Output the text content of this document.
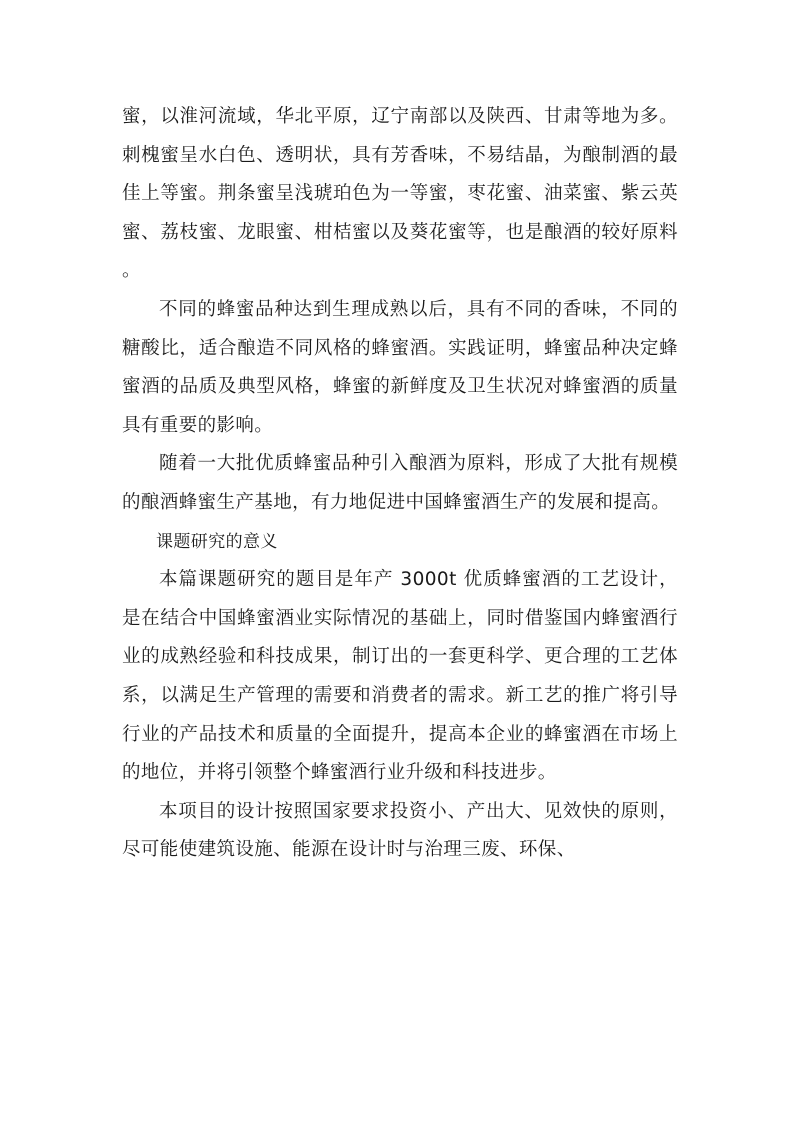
蜜，以淮河流域，华北平原，辽宁南部以及陕西、甘肃等地为多。 刺槐蜜呈水白色、透明状，具有芳香味，不易结晶，为酿制酒的最佳上等蜜。荆条蜜呈浅琥珀色为一等蜜，枣花蜜、油菜蜜、紫云英蜜、荔枝蜜、龙眼蜜、柑桔蜜以及葵花蜜等，也是酿酒的较好原料。

不同的蜂蜜品种达到生理成熟以后，具有不同的香味，不同的糖酸比，适合酿造不同风格的蜂蜜酒。实践证明，蜂蜜品种决定蜂蜜酒的品质及典型风格，蜂蜜的新鲜度及卫生状况对蜂蜜酒的质量具有重要的影响。

随着一大批优质蜂蜜品种引入酿酒为原料，形成了大批有规模的酿酒蜂蜜生产基地，有力地促进中国蜂蜜酒生产的发展和提高。

课题研究的意义

本篇课题研究的题目是年产 3000t 优质蜂蜜酒的工艺设计，是在结合中国蜂蜜酒业实际情况的基础上，同时借鉴国内蜂蜜酒行业的成熟经验和科技成果，制订出的一套更科学、更合理的工艺体系，以满足生产管理的需要和消费者的需求。新工艺的推广将引导行业的产品技术和质量的全面提升，提高本企业的蜂蜜酒在市场上的地位，并将引领整个蜂蜜酒行业升级和科技进步。

本项目的设计按照国家要求投资小、产出大、见效快的原则，尽可能使建筑设施、能源在设计时与治理三废、环保、
